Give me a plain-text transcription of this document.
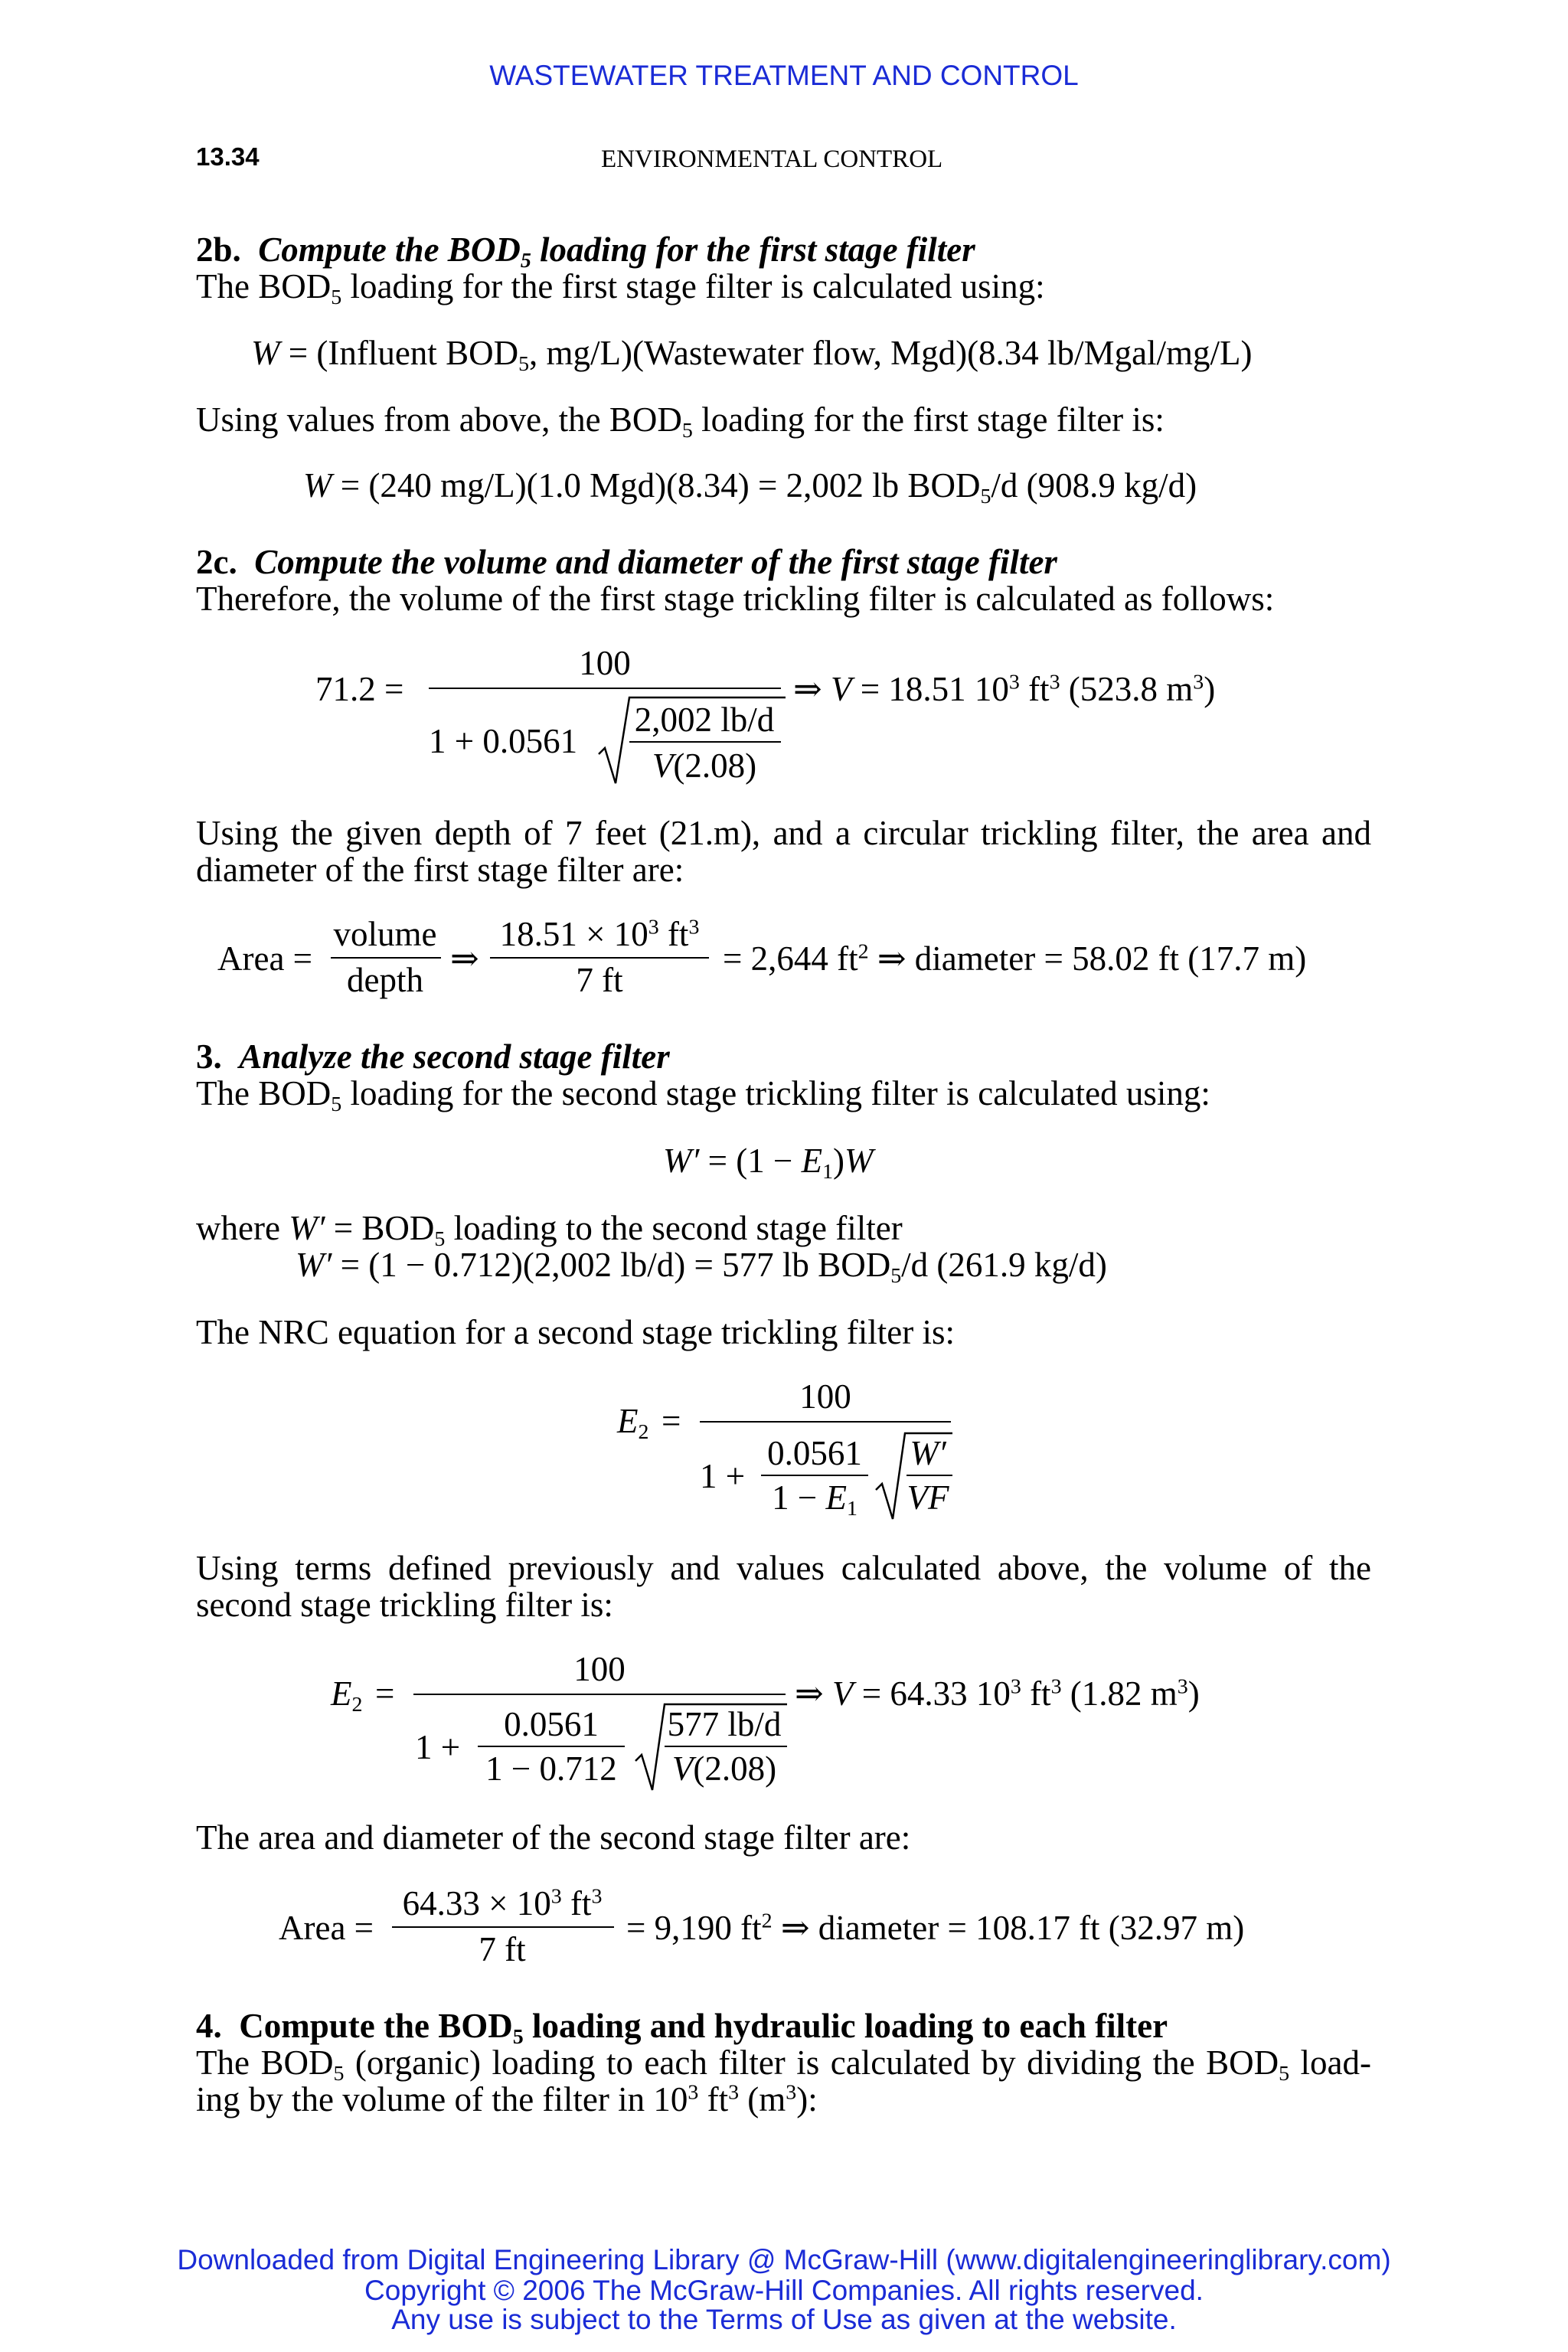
WASTEWATER TREATMENT AND CONTROL
13.34	ENVIRONMENTAL CONTROL
2b. Compute the $BOD_5$ loading for the first stage filter
The $BOD_5$ loading for the first stage filter is calculated using:
W = (Influent $BOD_5$, mg/L)(Wastewater flow, Mgd)(8.34 lb/Mgal/mg/L)
Using values from above, the $BOD_5$ loading for the first stage filter is:
W = (240 mg/L)(1.0 Mgd)(8.34) = 2,002 lb $BOD_5/d$ (908.9 kg/d)
2c. Compute the volume and diameter of the first stage filter
Therefore, the volume of the first stage trickling filter is calculated as follows:
71.2 =
100
1 + 0.0561
2,002 lb/d
V(2.08)
⇒ V = 18.51 $10^3$ $ft^3$ (523.8 $m^3$)
Using the given depth of 7 feet (21.m), and a circular trickling filter, the area and
diameter of the first stage filter are:
Area =
volume
depth
⇒
$18.51 \times 10^3$ $ft^3$
7 ft
= 2,644 $ft^2$ ⇒ diameter = 58.02 ft (17.7 m)
3. Analyze the second stage filter
The $BOD_5$ loading for the second stage trickling filter is calculated using:
$W' = (1 - E_1)W$
where $W' = BOD_5$ loading to the second stage filter
W′ = (1 − 0.712)(2,002 lb/d) = 577 lb $BOD_5/d$ (261.9 kg/d)
The NRC equation for a second stage trickling filter is:
$E_2$ =
100
1 +
0.0561
$1 - E_1$
W′
VF
Using terms defined previously and values calculated above, the volume of the
second stage trickling filter is:
$E_2$ =
100
1 +
0.0561
1 − 0.712
577 lb/d
V(2.08)
⇒ V = 64.33 $10^3$ $ft^3$ (1.82 $m^3$)
The area and diameter of the second stage filter are:
Area =
$64.33 \times 10^3$ $ft^3$
7 ft
= 9,190 $ft^2$ ⇒ diameter = 108.17 ft (32.97 m)
4. Compute the $BOD_5$ loading and hydraulic loading to each filter
The $BOD_5$ (organic) loading to each filter is calculated by dividing the $BOD_5$ load-
ing by the volume of the filter in $10^3$ $ft^3$ $(m^3)$:
Downloaded from Digital Engineering Library @ McGraw-Hill (www.digitalengineeringlibrary.com)
Copyright © 2006 The McGraw-Hill Companies. All rights reserved.
Any use is subject to the Terms of Use as given at the website.
